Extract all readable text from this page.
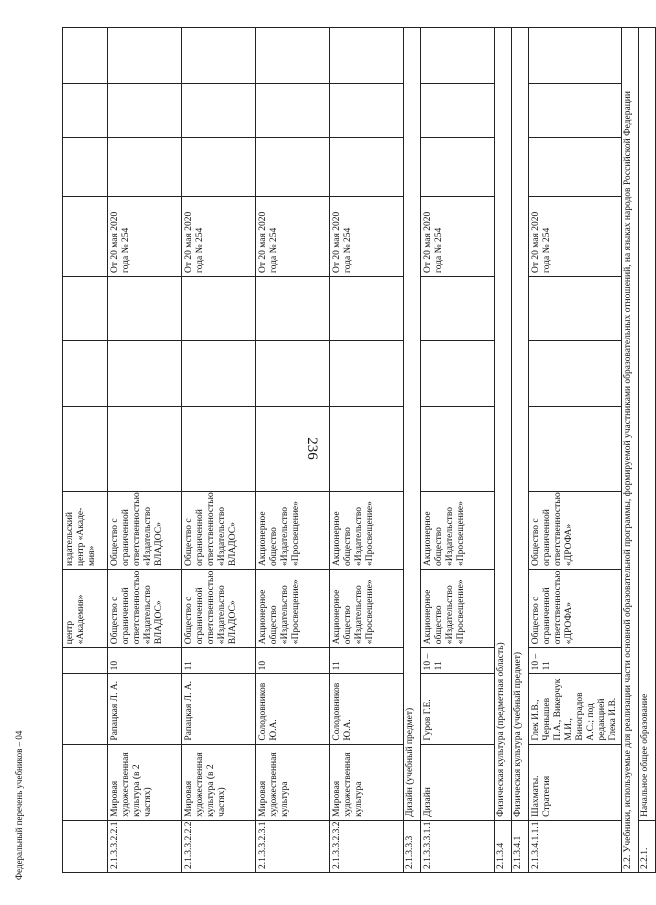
236
Федеральный перечень учебников – 04
				центр «Академия»	издательский центр «Акаде-мия»							
2.1.3.3.2.2.1	Мировая художественная культура (в 2 частях)	Рапацкая Л. А.	10	Общество с ограниченной ответственностью «Издательство ВЛАДОС»	Общество с ограниченной ответственностью «Издательство ВЛАДОС»				От 20 мая 2020 года № 254			
2.1.3.3.2.2.2	Мировая художественная культура (в 2 частях)	Рапацкая Л. А.	11	Общество с ограниченной ответственностью «Издательство ВЛАДОС»	Общество с ограниченной ответственностью «Издательство ВЛАДОС»				От 20 мая 2020 года № 254			
2.1.3.3.2.3.1	Мировая художественная культура	Солодовников Ю.А.	10	Акционерное общество «Издательство «Просвещение»	Акционерное общество «Издательство «Просвещение»				От 20 мая 2020 года № 254			
2.1.3.3.2.3.2	Мировая художественная культура	Солодовников Ю.А.	11	Акционерное общество «Издательство «Просвещение»	Акционерное общество «Издательство «Просвещение»				От 20 мая 2020 года № 254			
2.1.3.3.3	Дизайн (учебный предмет)											
2.1.3.3.3.1.1	Дизайн	Гуров Г.Е.	10 – 11	Акционерное общество «Издательство «Просвещение»	Акционерное общество «Издательство «Просвещение»				От 20 мая 2020 года № 254			
2.1.3.4	Физическая культура (предметная область)											
2.1.3.4.1	Физическая культура (учебный предмет)											
2.1.3.4.1.1.1	Шахматы. Стратегия	Глек И.В., Чернышев П.А., Викерчук М.И., Виноградов А.С.; под редакцией Глека И.В.	10 – 11	Общество с ограниченной ответственностью «ДРОФА»	Общество с ограниченной ответственностью «ДРОФА»				От 20 мая 2020 года № 254			
2.2. Учебники, используемые для реализации части основной образовательной программы, формируемой участниками образовательных отношений, на языках народов Российской Федерации												
2.2.1.	Начальное общее образование											
